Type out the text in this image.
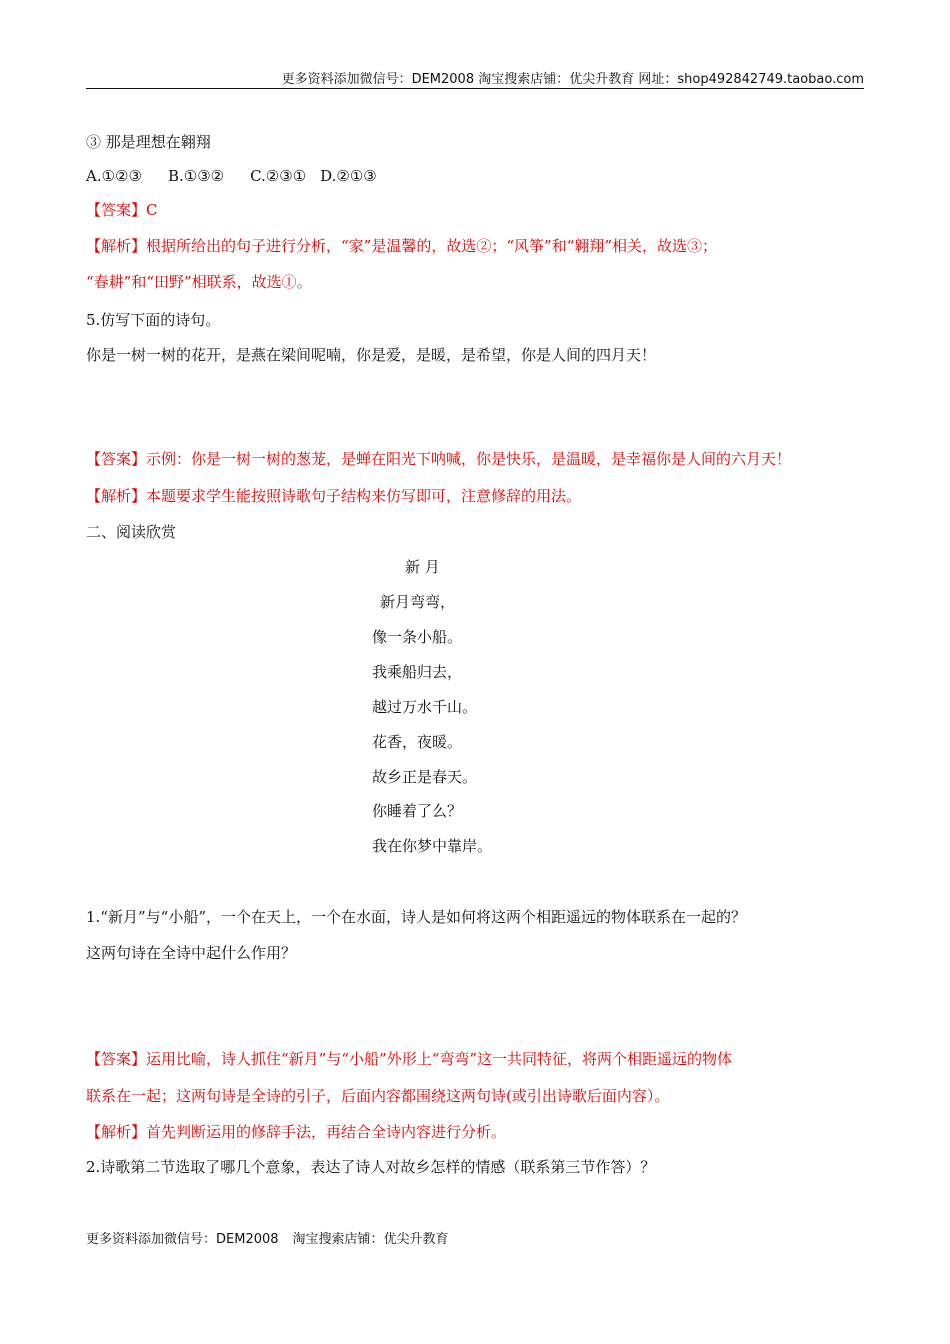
更多资料添加微信号：DEM2008 淘宝搜索店铺：优尖升教育 网址：shop492842749.taobao.com
③ 那是理想在翱翔
A.①②③ B.①③② C.②③① D.②①③
【答案】C
【解析】根据所给出的句子进行分析，“家”是温馨的，故选②；“风筝”和“翱翔”相关，故选③；
“春耕”和“田野”相联系，故选①。
5.仿写下面的诗句。
你是一树一树的花开，是燕在梁间呢喃，你是爱，是暖，是希望，你是人间的四月天！
【答案】示例：你是一树一树的葱茏，是蝉在阳光下呐喊，你是快乐，是温暖，是幸福你是人间的六月天！
【解析】本题要求学生能按照诗歌句子结构来仿写即可，注意修辞的用法。
二、阅读欣赏
新 月
新月弯弯，
像一条小船。
我乘船归去，
越过万水千山。
花香，夜暖。
故乡正是春天。
你睡着了么？
我在你梦中靠岸。
1.“新月”与“小船”，一个在天上，一个在水面，诗人是如何将这两个相距遥远的物体联系在一起的？
这两句诗在全诗中起什么作用？
【答案】运用比喻，诗人抓住“新月”与“小船”外形上“弯弯”这一共同特征，将两个相距遥远的物体
联系在一起；这两句诗是全诗的引子，后面内容都围绕这两句诗(或引出诗歌后面内容）。
【解析】首先判断运用的修辞手法，再结合全诗内容进行分析。
2.诗歌第二节选取了哪几个意象，表达了诗人对故乡怎样的情感（联系第三节作答）？
更多资料添加微信号：DEM2008 淘宝搜索店铺：优尖升教育
